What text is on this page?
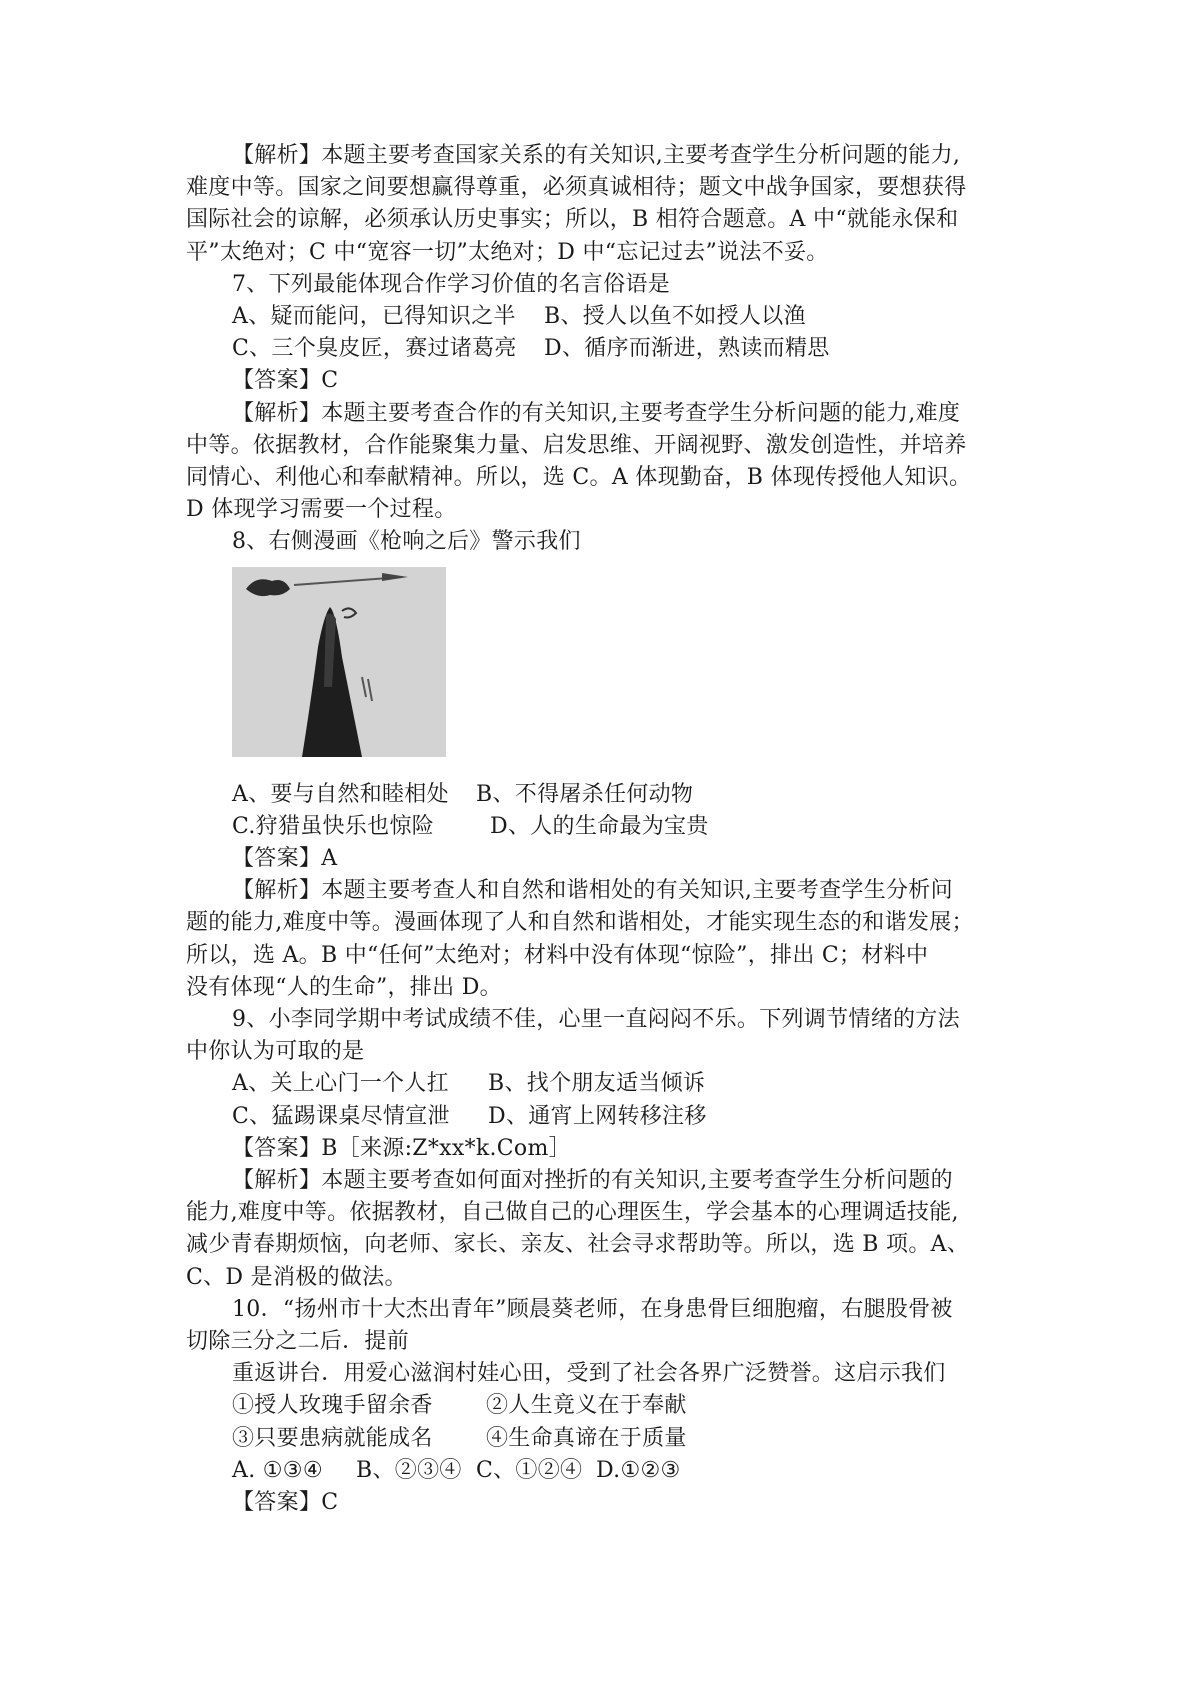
【解析】本题主要考查国家关系的有关知识,主要考查学生分析问题的能力,

难度中等。国家之间要想赢得尊重，必须真诚相待；题文中战争国家，要想获得

国际社会的谅解，必须承认历史事实；所以，B 相符合题意。A 中“就能永保和

平”太绝对；C 中“宽容一切”太绝对；D 中“忘记过去”说法不妥。

7、下列最能体现合作学习价值的名言俗语是

A、疑而能问，已得知识之半 B、授人以鱼不如授人以渔
C、三个臭皮匠，赛过诸葛亮 D、循序而渐进，熟读而精思

【答案】C

【解析】本题主要考查合作的有关知识,主要考查学生分析问题的能力,难度

中等。依据教材，合作能聚集力量、启发思维、开阔视野、激发创造性，并培养

同情心、利他心和奉献精神。所以，选 C。A 体现勤奋，B 体现传授他人知识。

D 体现学习需要一个过程。

8、右侧漫画《枪响之后》警示我们

A、要与自然和睦相处 B、不得屠杀任何动物
C.狩猎虽快乐也惊险	D、人的生命最为宝贵

【答案】A

【解析】本题主要考查人和自然和谐相处的有关知识,主要考查学生分析问

题的能力,难度中等。漫画体现了人和自然和谐相处，才能实现生态的和谐发展；

所以，选 A。B 中“任何”太绝对；材料中没有体现“惊险”，排出 C；材料中

没有体现“人的生命”，排出 D。

9、小李同学期中考试成绩不佳，心里一直闷闷不乐。下列调节情绪的方法

中你认为可取的是

A、关上心门一个人扛 B、找个朋友适当倾诉
C、猛踢课桌尽情宣泄 D、通宵上网转移注移

【答案】B［来源:Z*xx*k.Com］

【解析】本题主要考查如何面对挫折的有关知识,主要考查学生分析问题的

能力,难度中等。依据教材，自己做自己的心理医生，学会基本的心理调适技能,

减少青春期烦恼，向老师、家长、亲友、社会寻求帮助等。所以，选 B 项。A、

C、D 是消极的做法。

10．“扬州市十大杰出青年”顾晨葵老师，在身患骨巨细胞瘤，右腿股骨被

切除三分之二后．提前

重返讲台．用爱心滋润村娃心田，受到了社会各界广泛赞誉。这启示我们

①授人玫瑰手留余香 ②人生竟义在于奉献
③只要患病就能成名 ④生命真谛在于质量
A. ①③④ B、②③④ C、①②④ D.①②③

【答案】C
